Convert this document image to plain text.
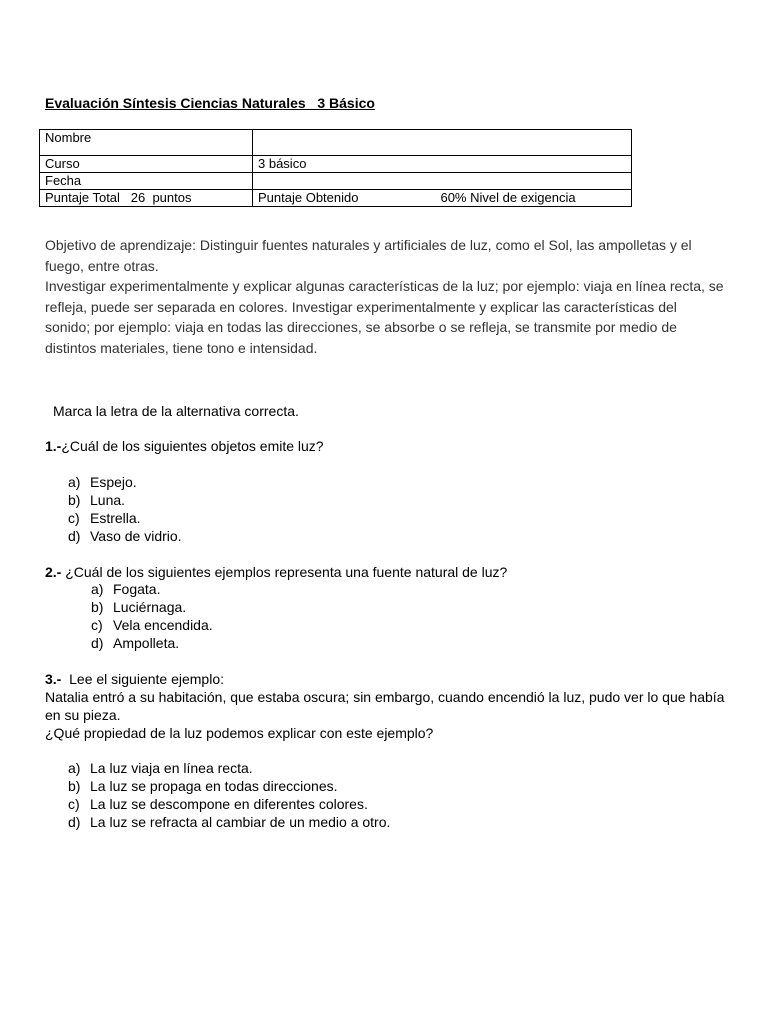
Evaluación Síntesis Ciencias Naturales   3 Básico
Nombre	
Curso	3 básico
Fecha	
Puntaje Total   26  puntos	Puntaje Obtenido 60% Nivel de exigencia

Objetivo de aprendizaje: Distinguir fuentes naturales y artificiales de luz, como el Sol, las ampolletas y el fuego, entre otras.

Investigar experimentalmente y explicar algunas características de la luz; por ejemplo: viaja en línea recta, se refleja, puede ser separada en colores. Investigar experimentalmente y explicar las características del sonido; por ejemplo: viaja en todas las direcciones, se absorbe o se refleja, se transmite por medio de distintos materiales, tiene tono e intensidad.

Marca la letra de la alternativa correcta.
1.-¿Cuál de los siguientes objetos emite luz?
a) Espejo.
b) Luna.
c) Estrella.
d) Vaso de vidrio.
2.- ¿Cuál de los siguientes ejemplos representa una fuente natural de luz?
a) Fogata.
b) Luciérnaga.
c) Vela encendida.
d) Ampolleta.
3.-  Lee el siguiente ejemplo:
Natalia entró a su habitación, que estaba oscura; sin embargo, cuando encendió la luz, pudo ver lo que había en su pieza.
¿Qué propiedad de la luz podemos explicar con este ejemplo?
a) La luz viaja en línea recta.
b) La luz se propaga en todas direcciones.
c) La luz se descompone en diferentes colores.
d) La luz se refracta al cambiar de un medio a otro.
